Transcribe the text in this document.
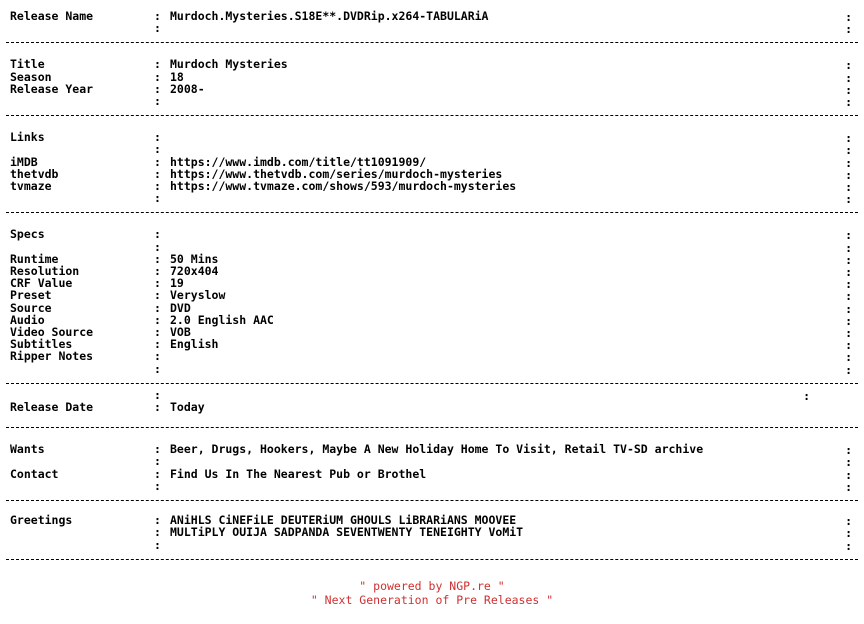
Release Name	: Murdoch.Mysteries.S18E**.DVDRip.x264-TABULARiA	:
:	:
Title	: Murdoch Mysteries	:
Season	: 18	:
Release Year	: 2008-	:
:	:
Links	:	:
:	:
iMDB	: https://www.imdb.com/title/tt1091909/	:
thetvdb	: https://www.thetvdb.com/series/murdoch-mysteries	:
tvmaze	: https://www.tvmaze.com/shows/593/murdoch-mysteries	:
:	:
Specs	:	:
:	:
Runtime	: 50 Mins	:
Resolution	: 720x404	:
CRF Value	: 19	:
Preset	: Veryslow	:
Source	: DVD	:
Audio	: 2.0 English AAC	:
Video Source	: VOB	:
Subtitles	: English	:
Ripper Notes	:	:
:	:
:	:
Release Date	: Today
Wants	: Beer, Drugs, Hookers, Maybe A New Holiday Home To Visit, Retail TV-SD archive	:
:	:
Contact	: Find Us In The Nearest Pub or Brothel	:
:	:
Greetings	: ANiHLS CiNEFiLE DEUTERiUM GHOULS LiBRARiANS MOOVEE	:
: MULTiPLY OUIJA SADPANDA SEVENTWENTY TENEIGHTY VoMiT	:
:	:
" powered by NGP.re "
" Next Generation of Pre Releases "
